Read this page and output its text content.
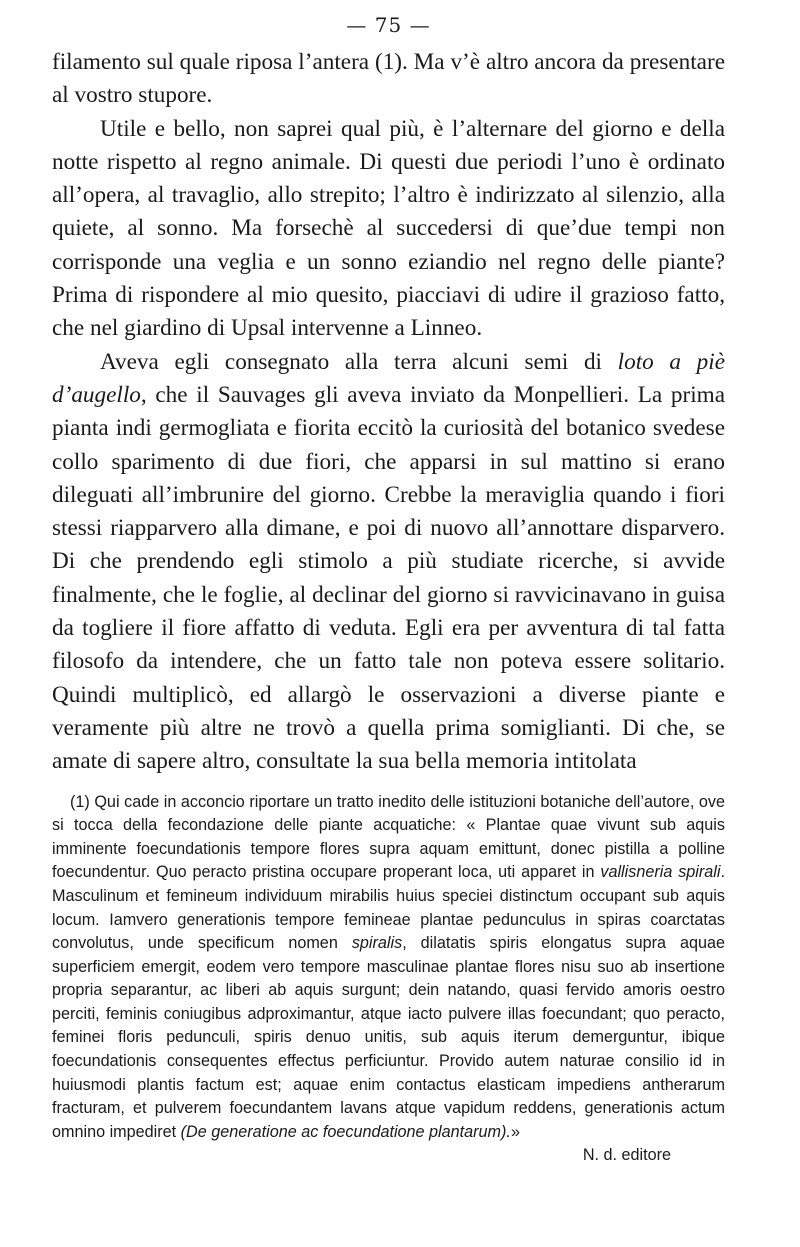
— 75 —

filamento sul quale riposa l’antera (1). Ma v’è altro ancora da presentare al vostro stupore.

Utile e bello, non saprei qual più, è l’alternare del giorno e della notte rispetto al regno animale. Di questi due periodi l’uno è ordinato all’opera, al travaglio, allo strepito; l’altro è indirizzato al silenzio, alla quiete, al sonno. Ma forsechè al succedersi di que’due tempi non corrisponde una veglia e un sonno eziandio nel regno delle piante? Prima di rispondere al mio quesito, piacciavi di udire il grazioso fatto, che nel giardino di Upsal intervenne a Linneo.

Aveva egli consegnato alla terra alcuni semi di loto a piè d’augello, che il Sauvages gli aveva inviato da Monpellieri. La prima pianta indi germogliata e fiorita eccitò la curiosità del botanico svedese collo sparimento di due fiori, che apparsi in sul mattino si erano dileguati all’imbrunire del giorno. Crebbe la meraviglia quando i fiori stessi riapparvero alla dimane, e poi di nuovo all’annottare disparvero. Di che prendendo egli stimolo a più studiate ricerche, si avvide finalmente, che le foglie, al declinar del giorno si ravvicinavano in guisa da togliere il fiore affatto di veduta. Egli era per avventura di tal fatta filosofo da intendere, che un fatto tale non poteva essere solitario. Quindi multiplicò, ed allargò le osservazioni a diverse piante e veramente più altre ne trovò a quella prima somiglianti. Di che, se amate di sapere altro, consultate la sua bella memoria intitolata

(1) Qui cade in acconcio riportare un tratto inedito delle istituzioni botaniche dell’autore, ove si tocca della fecondazione delle piante acquatiche: « Plantae quae vivunt sub aquis imminente foecundationis tempore flores supra aquam emittunt, donec pistilla a polline foecundentur. Quo peracto pristina occupare properant loca, uti apparet in vallisneria spirali. Masculinum et femineum individuum mirabilis huius speciei distinctum occupant sub aquis locum. Iamvero generationis tempore femineae plantae pedunculus in spiras coarctatas convolutus, unde specificum nomen spiralis, dilatatis spiris elongatus supra aquae superficiem emergit, eodem vero tempore masculinae plantae flores nisu suo ab insertione propria separantur, ac liberi ab aquis surgunt; dein natando, quasi fervido amoris oestro perciti, feminis coniugibus adproximantur, atque iacto pulvere illas foecundant; quo peracto, feminei floris pedunculi, spiris denuo unitis, sub aquis iterum demerguntur, ibique foecundationis consequentes effectus perficiuntur. Provido autem naturae consilio id in huiusmodi plantis factum est; aquae enim contactus elasticam impediens antherarum fracturam, et pulverem foecundantem lavans atque vapidum reddens, generationis actum omnino impediret (De generatione ac foecundatione plantarum).»

N. d. editore
